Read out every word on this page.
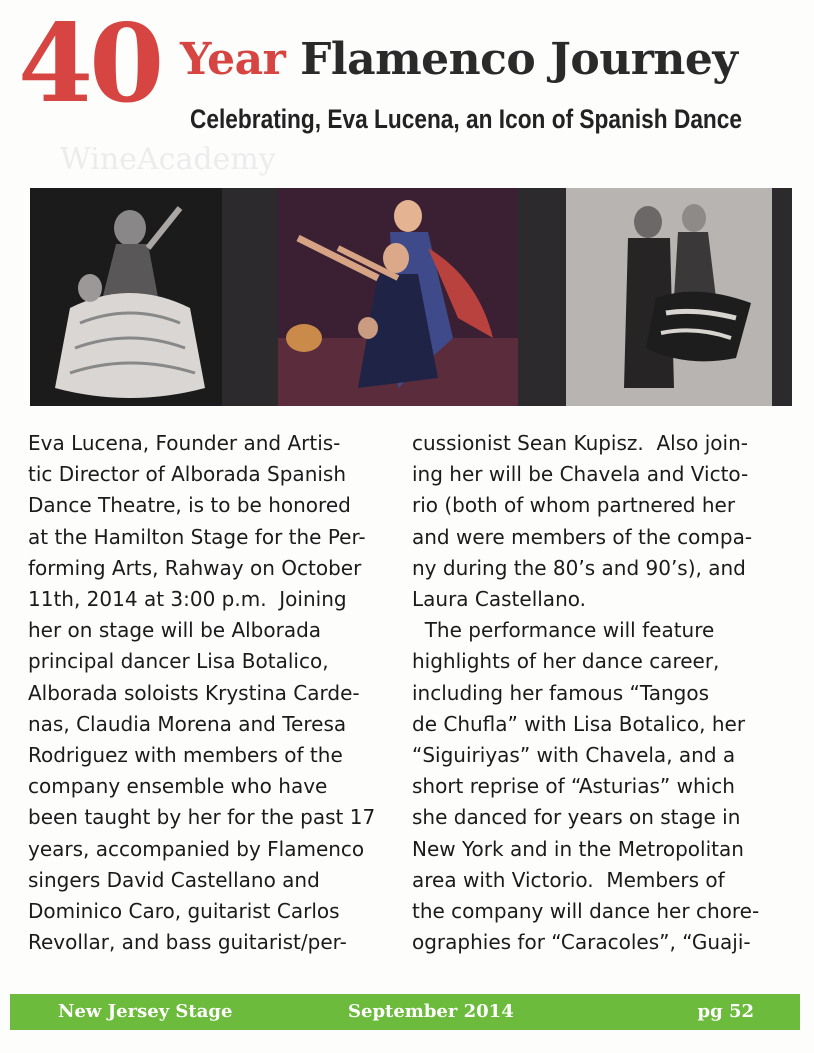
40 Year Flamenco Journey
Celebrating, Eva Lucena, an Icon of Spanish Dance
WineAcademy

Eva Lucena, Founder and Artis-

tic Director of Alborada Spanish

Dance Theatre, is to be honored

at the Hamilton Stage for the Per-

forming Arts, Rahway on October

11th, 2014 at 3:00 p.m.  Joining

her on stage will be Alborada

principal dancer Lisa Botalico,

Alborada soloists Krystina Carde-

nas, Claudia Morena and Teresa

Rodriguez with members of the

company ensemble who have

been taught by her for the past 17

years, accompanied by Flamenco

singers David Castellano and

Dominico Caro, guitarist Carlos

Revollar, and bass guitarist/per-

cussionist Sean Kupisz.  Also join-

ing her will be Chavela and Victo-

rio (both of whom partnered her

and were members of the compa-

ny during the 80’s and 90’s), and

Laura Castellano.

The performance will feature

highlights of her dance career,

including her famous “Tangos

de Chufla” with Lisa Botalico, her

“Siguiriyas” with Chavela, and a

short reprise of “Asturias” which

she danced for years on stage in

New York and in the Metropolitan

area with Victorio.  Members of

the company will dance her chore-

ographies for “Caracoles”, “Guaji-

New Jersey Stage	September 2014	pg 52
